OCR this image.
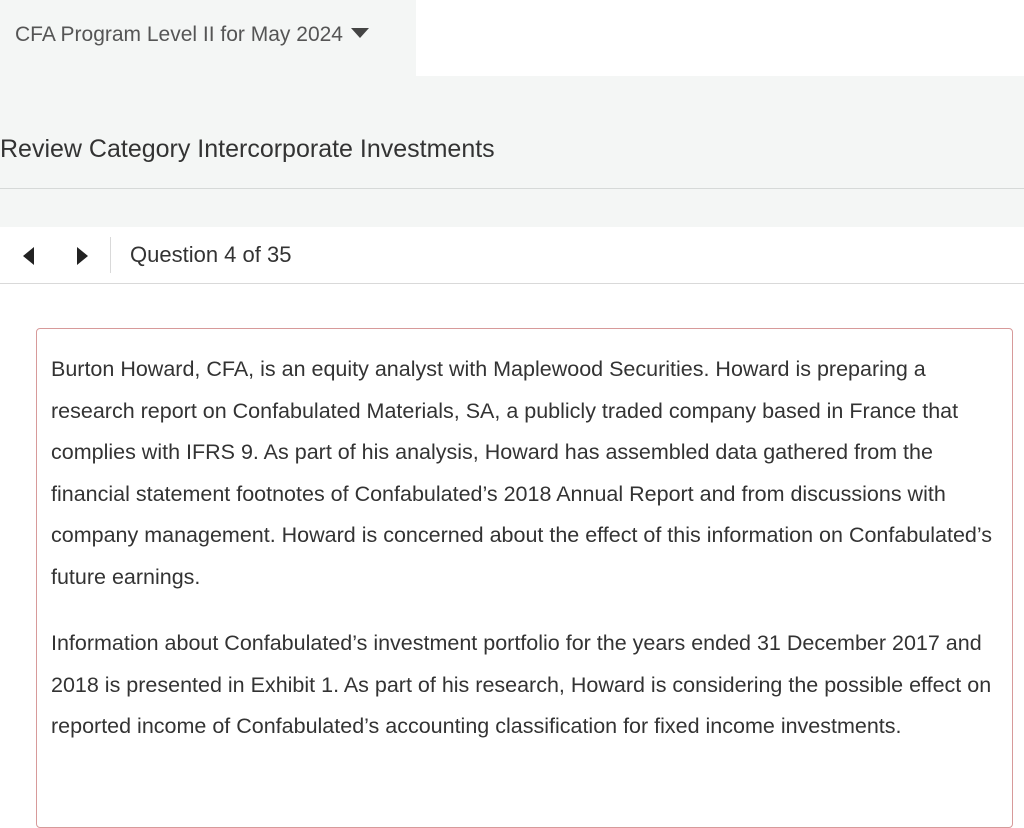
CFA Program Level II for May 2024
Review Category Intercorporate Investments
Question 4 of 35

Burton Howard, CFA, is an equity analyst with Maplewood Securities. Howard is preparing a research report on Confabulated Materials, SA, a publicly traded company based in France that complies with IFRS 9. As part of his analysis, Howard has assembled data gathered from the financial statement footnotes of Confabulated’s 2018 Annual Report and from discussions with company management. Howard is concerned about the effect of this information on Confabulated’s future earnings.

Information about Confabulated’s investment portfolio for the years ended 31 December 2017 and 2018 is presented in Exhibit 1. As part of his research, Howard is considering the possible effect on reported income of Confabulated’s accounting classification for fixed income investments.
